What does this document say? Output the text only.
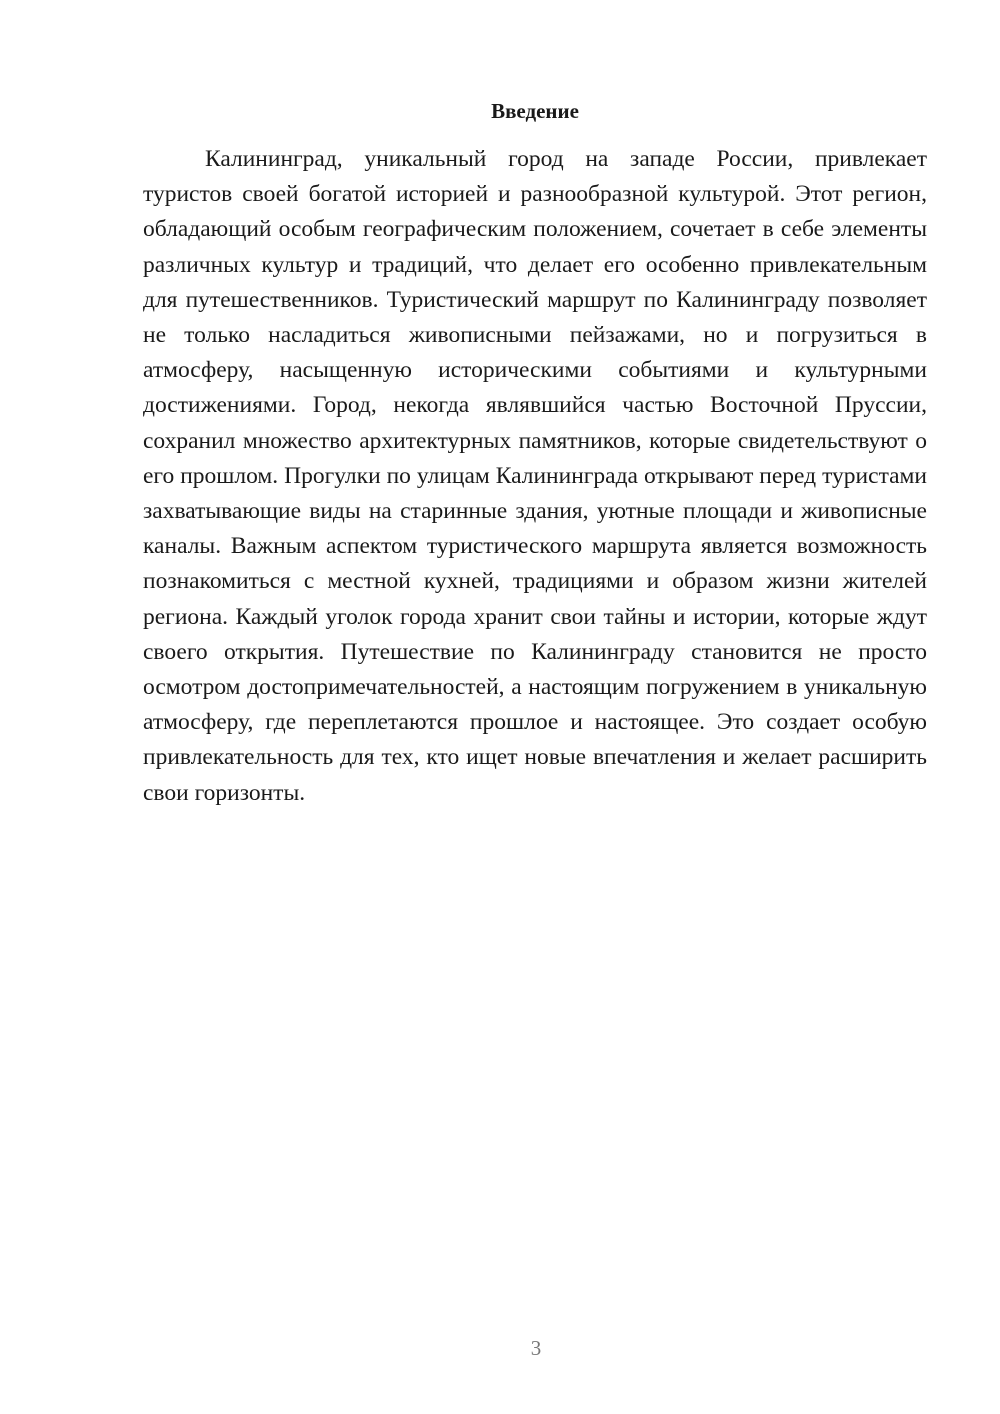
Введение

Калининград, уникальный город на западе России, привлекает туристов своей богатой историей и разнообразной культурой. Этот регион, обладающий особым географическим положением, сочетает в себе элементы различных культур и традиций, что делает его особенно привлекательным для путешественников. Туристический маршрут по Калининграду позволяет не только насладиться живописными пейзажами, но и погрузиться в атмосферу, насыщенную историческими событиями и культурными достижениями. Город, некогда являвшийся частью Восточной Пруссии, сохранил множество архитектурных памятников, которые свидетельствуют о его прошлом. Прогулки по улицам Калининграда открывают перед туристами захватывающие виды на старинные здания, уютные площади и живописные каналы. Важным аспектом туристического маршрута является возможность познакомиться с местной кухней, традициями и образом жизни жителей региона. Каждый уголок города хранит свои тайны и истории, которые ждут своего открытия. Путешествие по Калининграду становится не просто осмотром достопримечательностей, а настоящим погружением в уникальную атмосферу, где переплетаются прошлое и настоящее. Это создает особую привлекательность для тех, кто ищет новые впечатления и желает расширить свои горизонты.

3
